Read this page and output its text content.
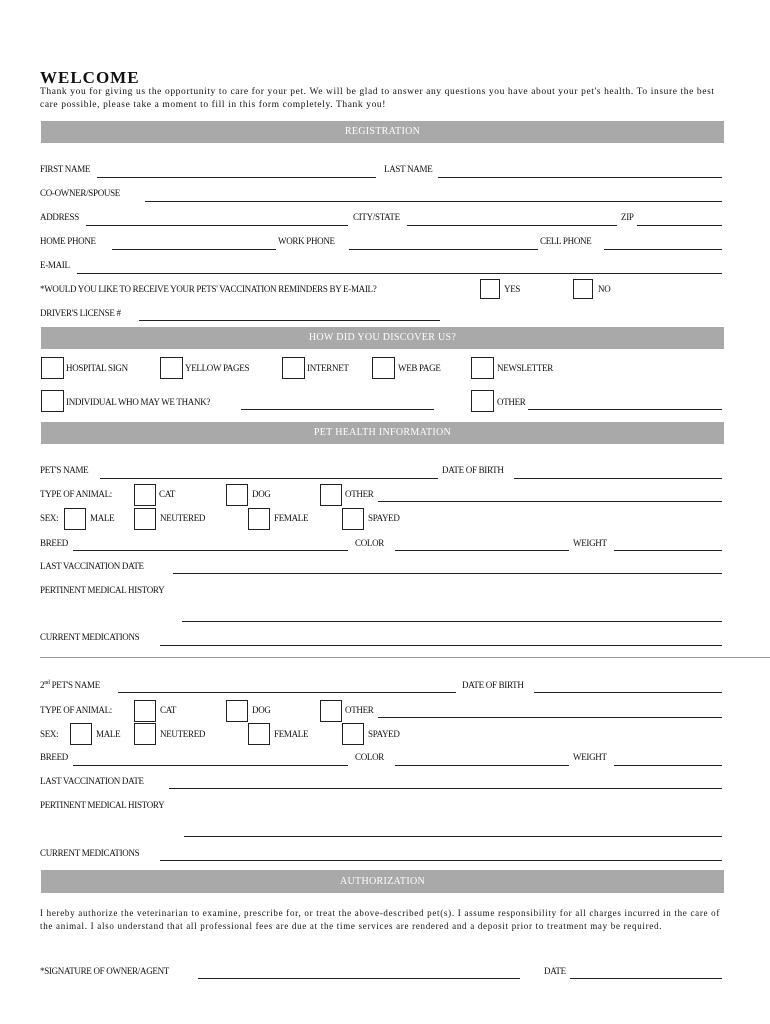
WELCOME
Thank you for giving us the opportunity to care for your pet. We will be glad to answer any questions you have about your pet's health. To insure the best care possible, please take a moment to fill in this form completely. Thank you!
REGISTRATION
FIRST NAME	LAST NAME
CO-OWNER/SPOUSE
ADDRESS	CITY/STATE	ZIP
HOME PHONE	WORK PHONE	CELL PHONE
E-MAIL
*WOULD YOU LIKE TO RECEIVE YOUR PETS' VACCINATION REMINDERS BY E-MAIL?	YES	NO
DRIVER'S LICENSE #
HOW DID YOU DISCOVER US?
HOSPITAL SIGN	YELLOW PAGES	INTERNET	WEB PAGE	NEWSLETTER
INDIVIDUAL WHO MAY WE THANK?	OTHER
PET HEALTH INFORMATION
PET'S NAME	DATE OF BIRTH
TYPE OF ANIMAL:	CAT	DOG	OTHER
SEX:	MALE	NEUTERED	FEMALE	SPAYED
BREED	COLOR	WEIGHT
LAST VACCINATION DATE
PERTINENT MEDICAL HISTORY
CURRENT MEDICATIONS
2nd PET'S NAME	DATE OF BIRTH
TYPE OF ANIMAL:	CAT	DOG	OTHER
SEX:	MALE	NEUTERED	FEMALE	SPAYED
BREED	COLOR	WEIGHT
LAST VACCINATION DATE
PERTINENT MEDICAL HISTORY
CURRENT MEDICATIONS
AUTHORIZATION
I hereby authorize the veterinarian to examine, prescribe for, or treat the above-described pet(s). I assume responsibility for all charges incurred in the care of the animal. I also understand that all professional fees are due at the time services are rendered and a deposit prior to treatment may be required.
*SIGNATURE OF OWNER/AGENT	DATE
